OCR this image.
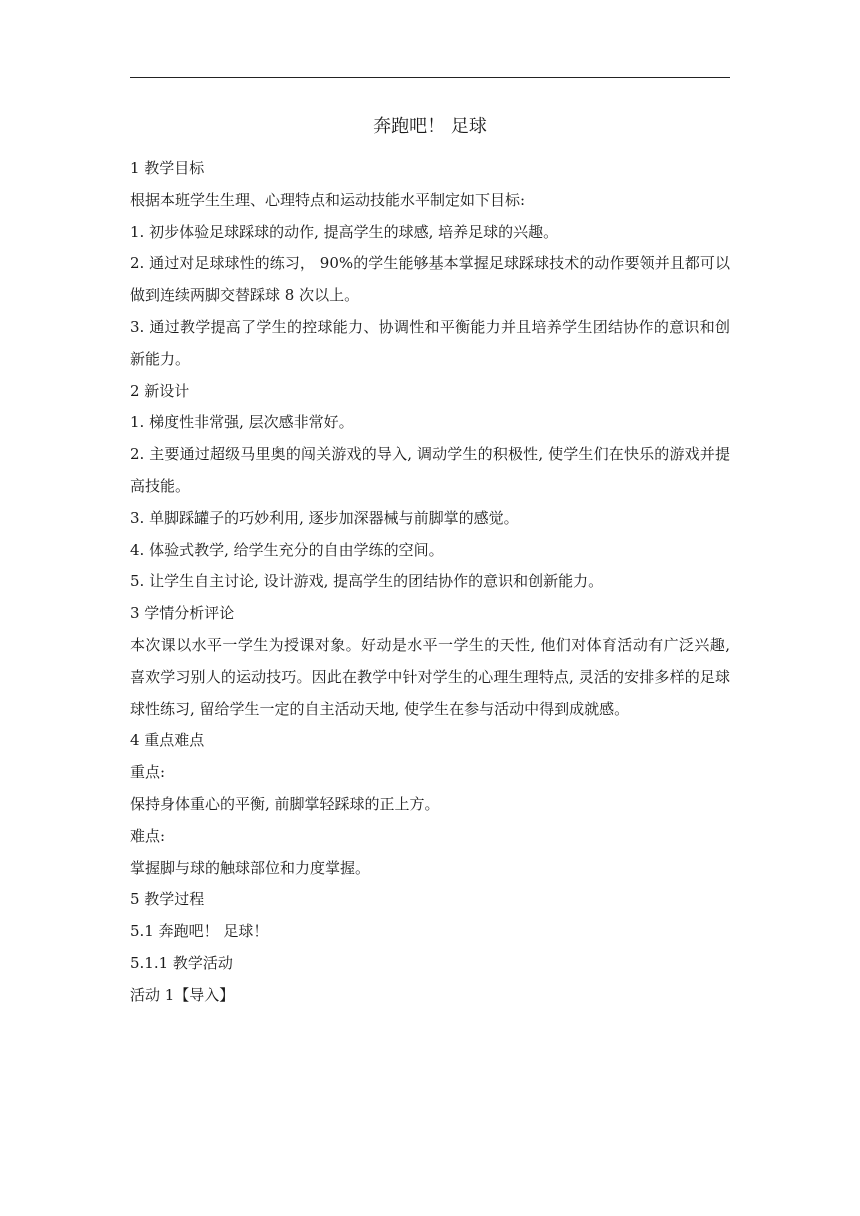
奔跑吧！ 足球

1 教学目标

根据本班学生生理、心理特点和运动技能水平制定如下目标:

1. 初步体验足球踩球的动作, 提高学生的球感, 培养足球的兴趣。

2. 通过对足球球性的练习， 90%的学生能够基本掌握足球踩球技术的动作要领并且都可以做到连续两脚交替踩球 8 次以上。

3. 通过教学提高了学生的控球能力、协调性和平衡能力并且培养学生团结协作的意识和创新能力。

2 新设计

1. 梯度性非常强, 层次感非常好。

2. 主要通过超级马里奥的闯关游戏的导入, 调动学生的积极性, 使学生们在快乐的游戏并提高技能。

3. 单脚踩罐子的巧妙利用, 逐步加深器械与前脚掌的感觉。

4. 体验式教学, 给学生充分的自由学练的空间。

5. 让学生自主讨论, 设计游戏, 提高学生的团结协作的意识和创新能力。

3 学情分析评论

本次课以水平一学生为授课对象。好动是水平一学生的天性, 他们对体育活动有广泛兴趣, 喜欢学习别人的运动技巧。因此在教学中针对学生的心理生理特点, 灵活的安排多样的足球球性练习, 留给学生一定的自主活动天地, 使学生在参与活动中得到成就感。

4 重点难点

重点:

保持身体重心的平衡, 前脚掌轻踩球的正上方。

难点:

掌握脚与球的触球部位和力度掌握。

5 教学过程

5.1 奔跑吧！ 足球！

5.1.1 教学活动

活动 1【导入】
